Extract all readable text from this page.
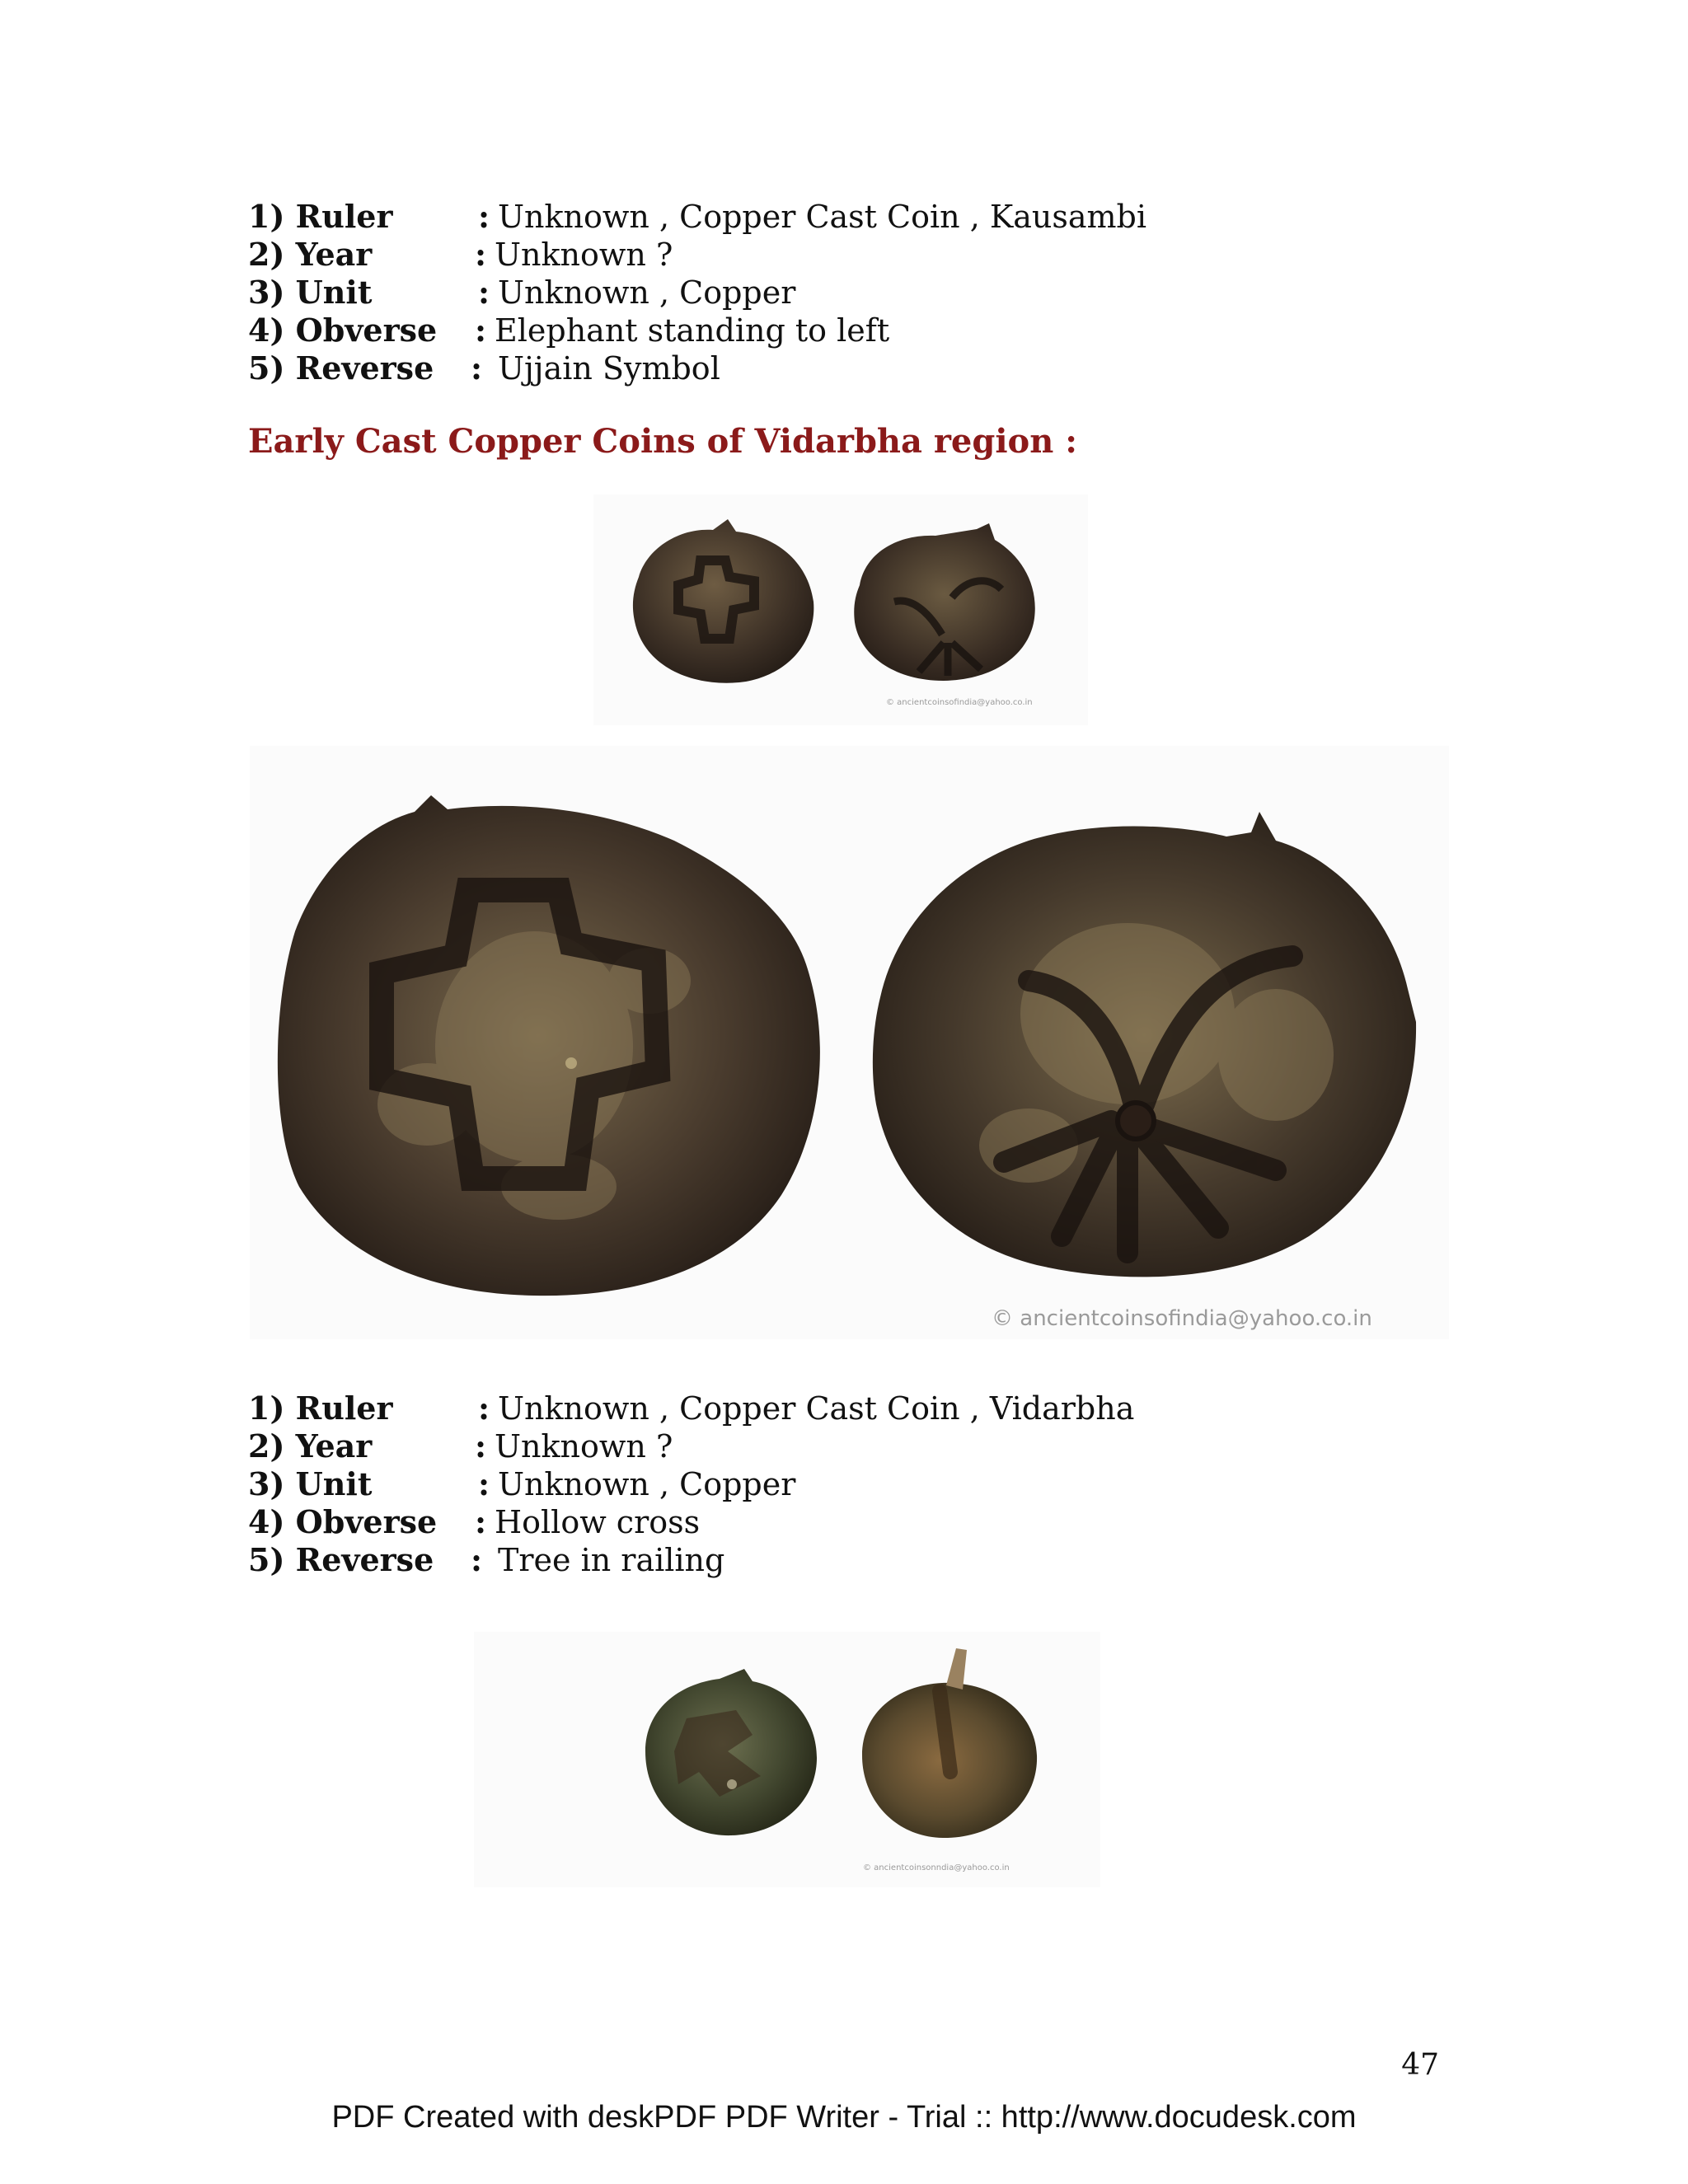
1) Ruler	: Unknown , Copper Cast Coin , Kausambi
2) Year	: Unknown ?
3) Unit	: Unknown , Copper
4) Obverse : Elephant standing to left
5) Reverse : Ujjain Symbol
Early Cast Copper Coins of Vidarbha region :
© ancientcoinsofindia@yahoo.co.in
© ancientcoinsofindia@yahoo.co.in
1) Ruler	: Unknown , Copper Cast Coin , Vidarbha
2) Year	: Unknown ?
3) Unit	: Unknown , Copper
4) Obverse : Hollow cross
5) Reverse : Tree in railing
© ancientcoinsonndia@yahoo.co.in
47
PDF Created with deskPDF PDF Writer - Trial :: http://www.docudesk.com
